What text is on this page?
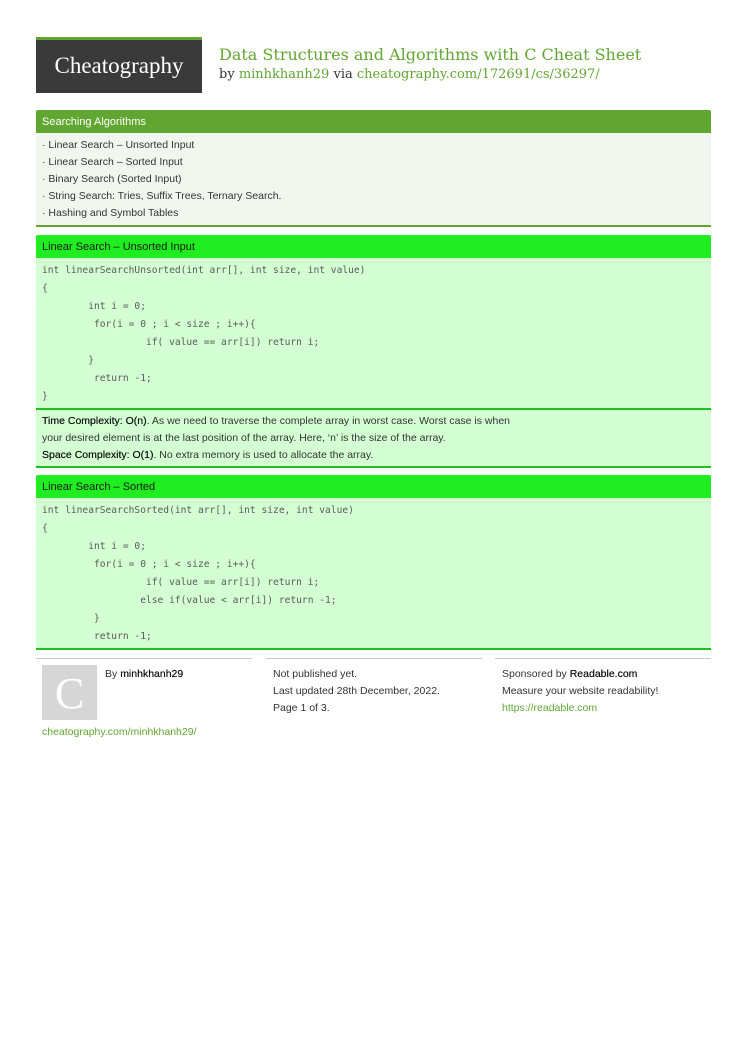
Cheatography	Data Structures and Algorithms with C Cheat Sheet
by minhkhanh29 via cheatography.com/172691/cs/36297/
Searching Algorithms
· Linear Search – Unsorted Input
· Linear Search – Sorted Input
· Binary Search (Sorted Input)
· String Search: Tries, Suffix Trees, Ternary Search.
· Hashing and Symbol Tables
Linear Search – Unsorted Input
int linearSearchUnsorted(int arr[], int size, int value)
{
int i = 0;
for(i = 0 ; i < size ; i++){
if( value == arr[i]) return i;
}
return -1;
}
Time Complexity: O(n). As we need to traverse the complete array in worst case. Worst case is when
your desired element is at the last position of the array. Here, ‘n’ is the size of the array.
Space Complexity: O(1). No extra memory is used to allocate the array.
Linear Search – Sorted
int linearSearchSorted(int arr[], int size, int value)
{
int i = 0;
for(i = 0 ; i < size ; i++){
if( value == arr[i]) return i;
else if(value < arr[i]) return -1;
}
return -1;
C	By minhkhanh29
cheatography.com/minhkhanh29/
Not published yet.
Last updated 28th December, 2022.
Page 1 of 3.
Sponsored by Readable.com
Measure your website readability!
https://readable.com
